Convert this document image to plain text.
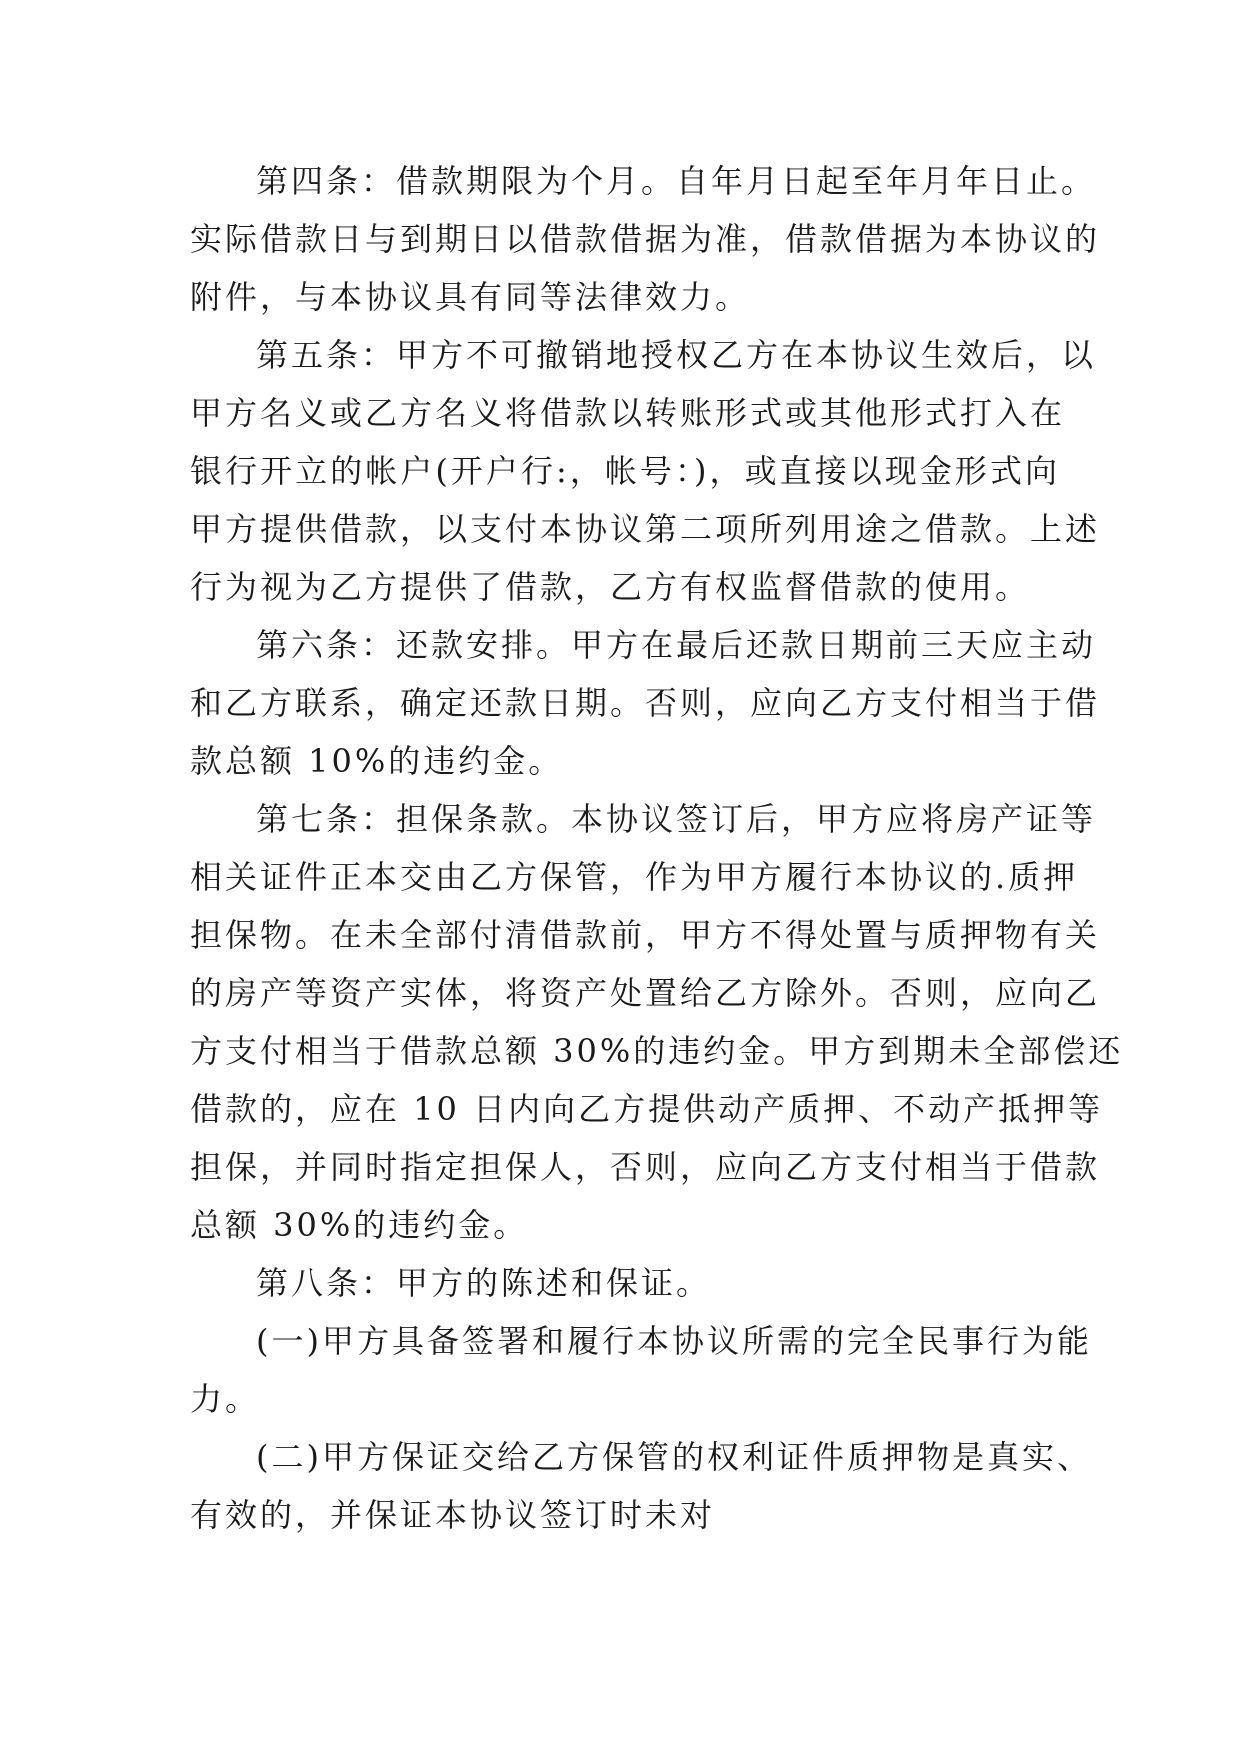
第四条：借款期限为个月。自年月日起至年月年日止。
实际借款日与到期日以借款借据为准，借款借据为本协议的
附件，与本协议具有同等法律效力。
第五条：甲方不可撤销地授权乙方在本协议生效后，以
甲方名义或乙方名义将借款以转账形式或其他形式打入在
银行开立的帐户(开户行:，帐号：)，或直接以现金形式向
甲方提供借款，以支付本协议第二项所列用途之借款。上述
行为视为乙方提供了借款，乙方有权监督借款的使用。
第六条：还款安排。甲方在最后还款日期前三天应主动
和乙方联系，确定还款日期。否则，应向乙方支付相当于借
款总额 10%的违约金。
第七条：担保条款。本协议签订后，甲方应将房产证等
相关证件正本交由乙方保管，作为甲方履行本协议的.质押
担保物。在未全部付清借款前，甲方不得处置与质押物有关
的房产等资产实体，将资产处置给乙方除外。否则，应向乙
方支付相当于借款总额 30%的违约金。甲方到期未全部偿还
借款的，应在 10 日内向乙方提供动产质押、不动产抵押等
担保，并同时指定担保人，否则，应向乙方支付相当于借款
总额 30%的违约金。
第八条：甲方的陈述和保证。
(一)甲方具备签署和履行本协议所需的完全民事行为能
力。
(二)甲方保证交给乙方保管的权利证件质押物是真实、
有效的，并保证本协议签订时未对
